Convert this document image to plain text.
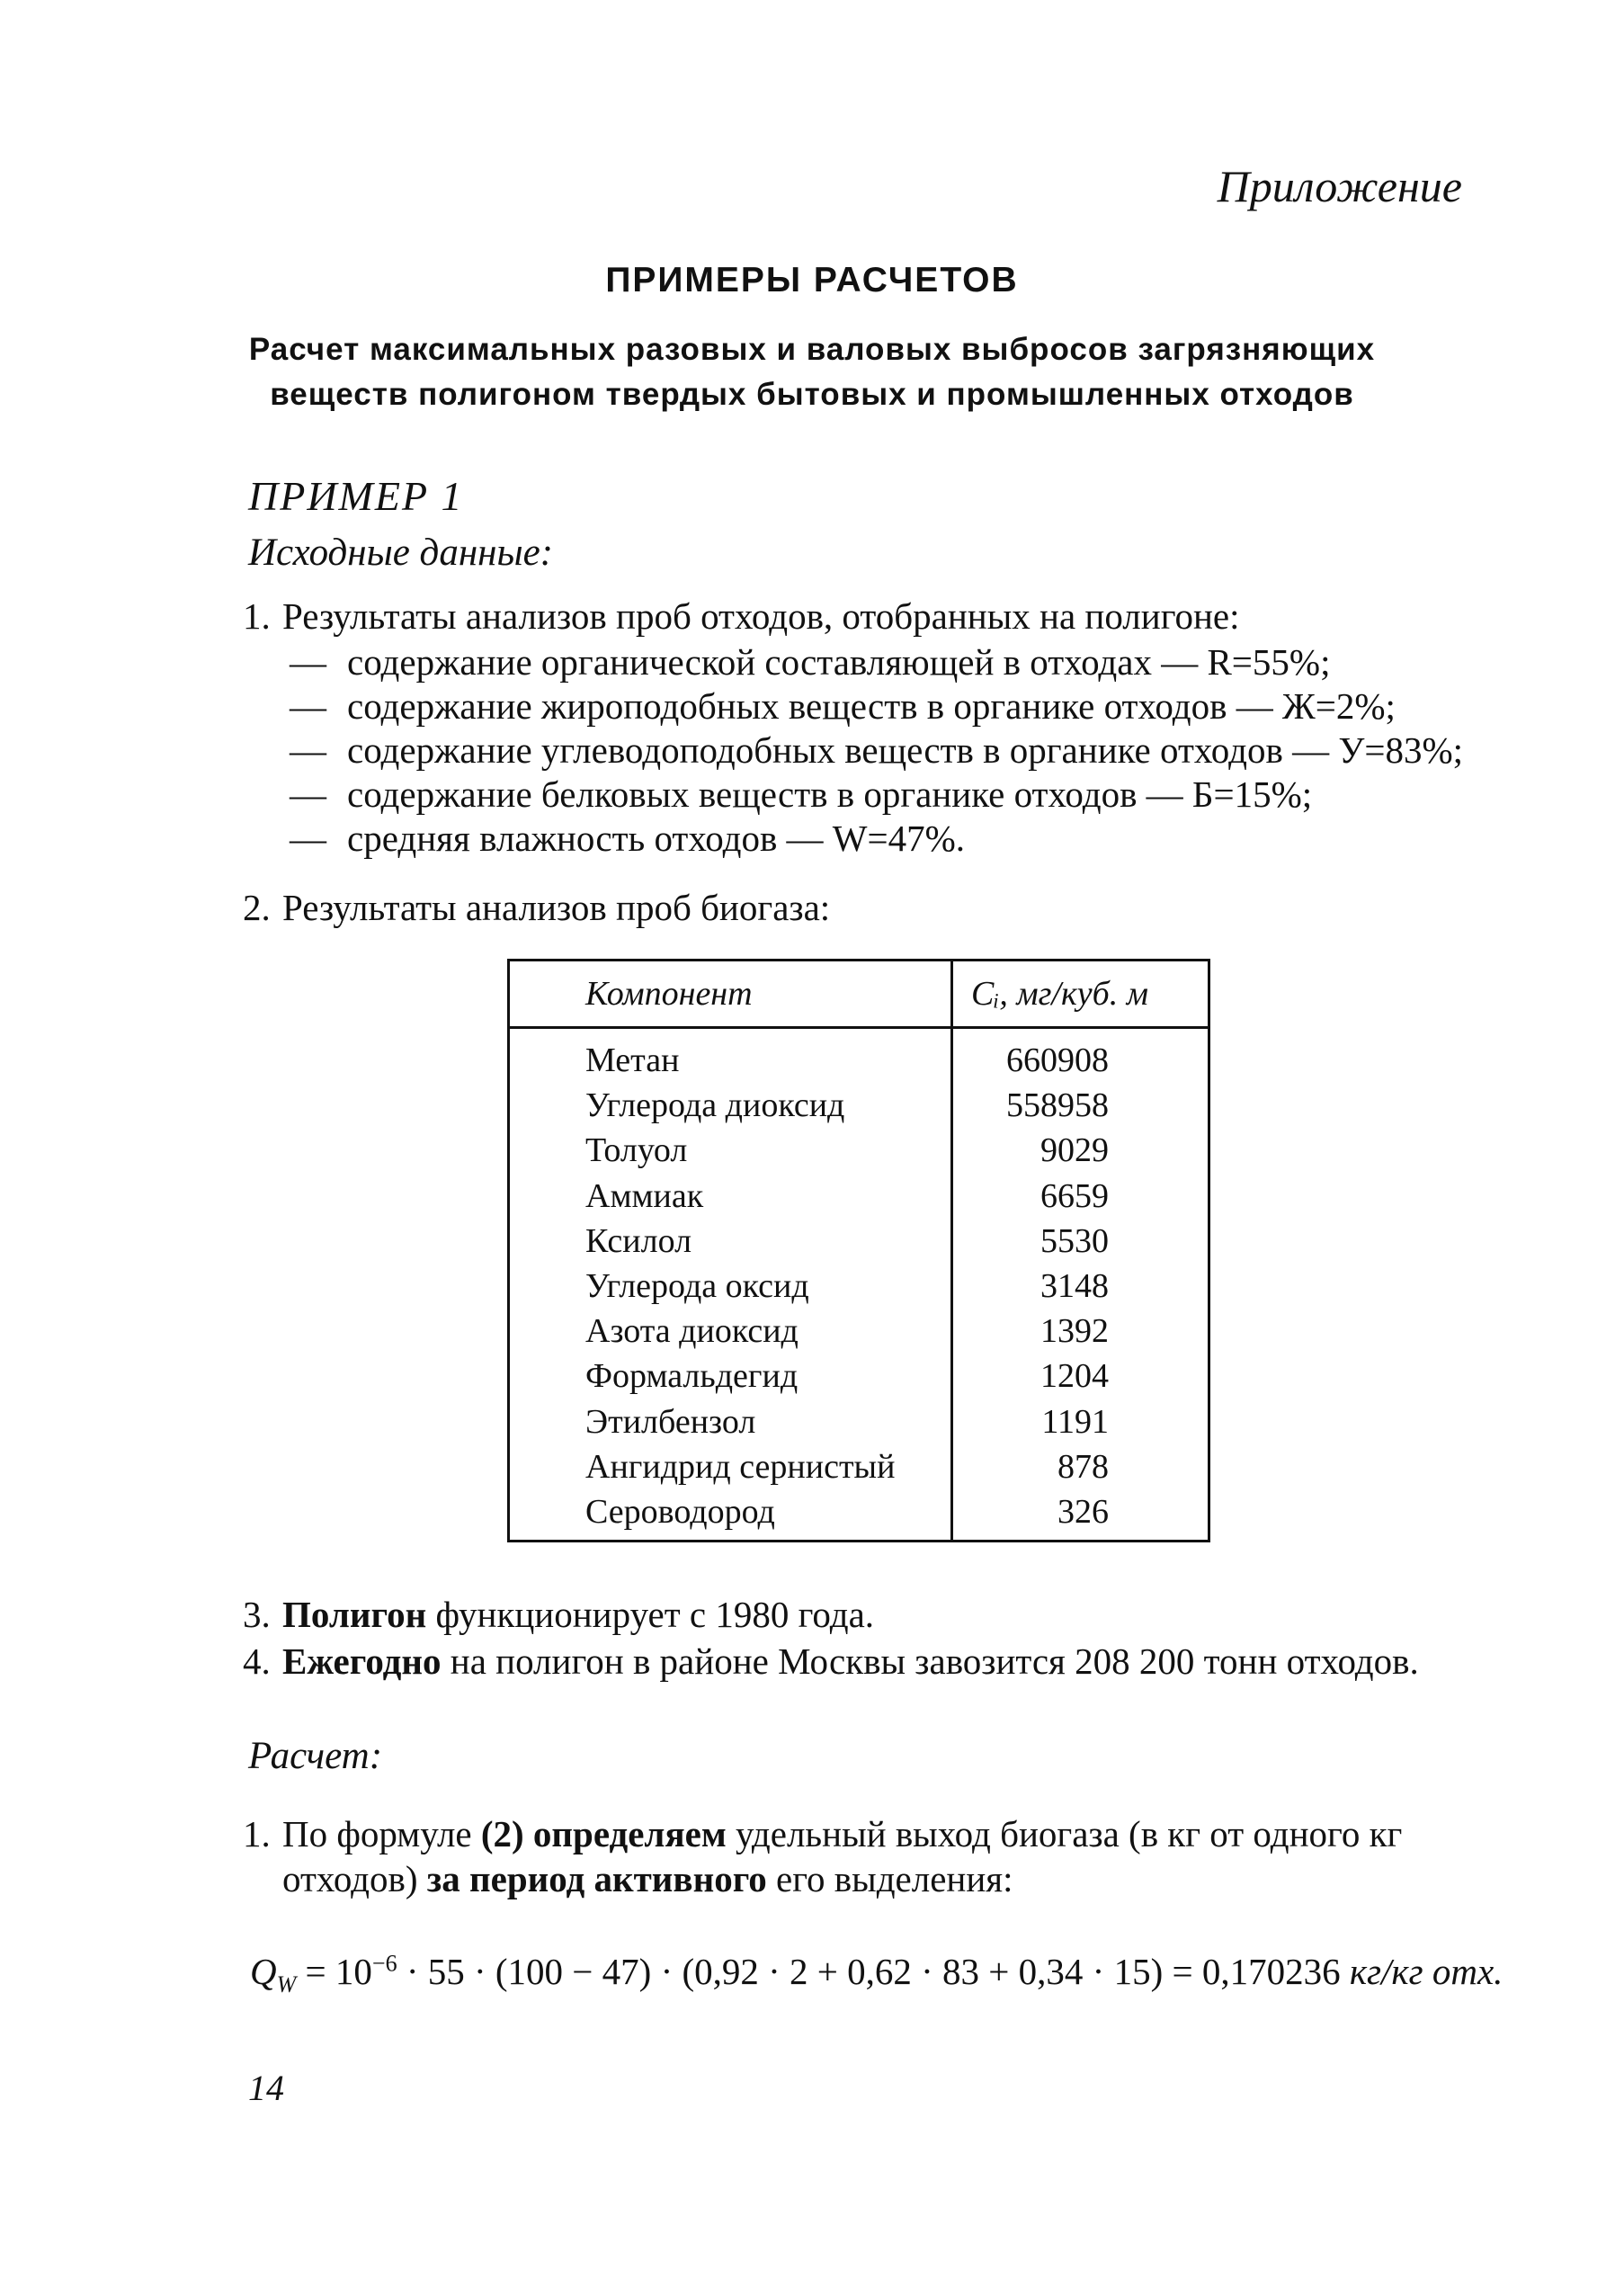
Приложение
ПРИМЕРЫ РАСЧЕТОВ
Расчет максимальных разовых и валовых выбросов загрязняющих
веществ полигоном твердых бытовых и промышленных отходов
ПРИМЕР 1
Исходные данные:
1. Результаты анализов проб отходов, отобранных на полигоне:
— содержание органической составляющей в отходах — R=55%;
— содержание жироподобных веществ в органике отходов — Ж=2%;
— содержание углеводоподобных веществ в органике отходов — У=83%;
— содержание белковых веществ в органике отходов — Б=15%;
— средняя влажность отходов — W=47%.
2. Результаты анализов проб биогаза:
Компонент	Сᵢ, мг/куб. м
Метан
Углерода диоксид
Толуол
Аммиак
Ксилол
Углерода оксид
Азота диоксид
Формальдегид
Этилбензол
Ангидрид сернистый
Сероводород
660908
558958
9029
6659
5530
3148
1392
1204
1191
878
326
3. Полигон функционирует с 1980 года.
4. Ежегодно на полигон в районе Москвы завозится 208 200 тонн отходов.
Расчет:
1. По формуле (2) определяем удельный выход биогаза (в кг от одного кг
отходов) за период активного его выделения:
$Q_W = 10^{-6} \cdot 55 \cdot (100 - 47) \cdot (0,92 \cdot 2 + 0,62 \cdot 83 + 0,34 \cdot 15) = 0,170236$ кг/кг отх.
14
